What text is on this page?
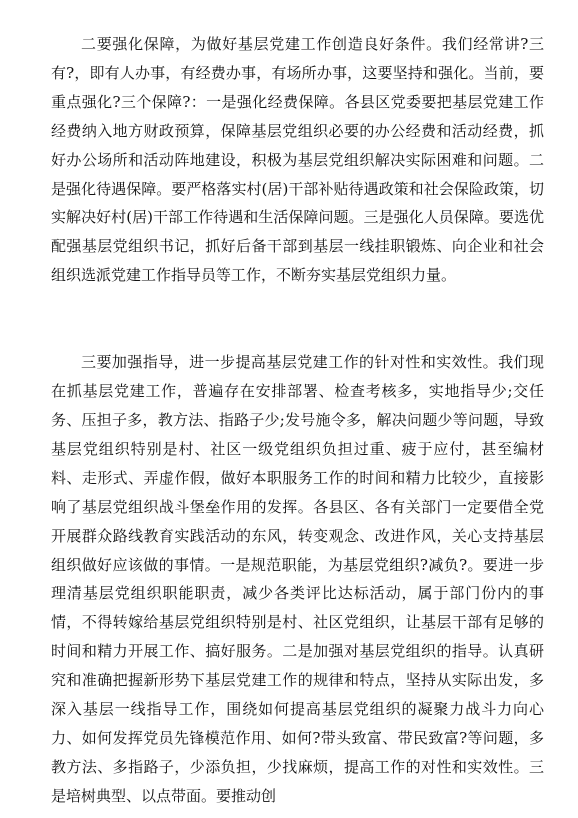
二要强化保障，为做好基层党建工作创造良好条件。我们经常讲?三有?，即有人办事，有经费办事，有场所办事，这要坚持和强化。当前，要重点强化?三个保障?：一是强化经费保障。各县区党委要把基层党建工作经费纳入地方财政预算，保障基层党组织必要的办公经费和活动经费，抓好办公场所和活动阵地建设，积极为基层党组织解决实际困难和问题。二是强化待遇保障。要严格落实村(居)干部补贴待遇政策和社会保险政策，切实解决好村(居)干部工作待遇和生活保障问题。三是强化人员保障。要选优配强基层党组织书记，抓好后备干部到基层一线挂职锻炼、向企业和社会组织选派党建工作指导员等工作，不断夯实基层党组织力量。

三要加强指导，进一步提高基层党建工作的针对性和实效性。我们现在抓基层党建工作，普遍存在安排部署、检查考核多，实地指导少;交任务、压担子多，教方法、指路子少;发号施令多，解决问题少等问题，导致基层党组织特别是村、社区一级党组织负担过重、疲于应付，甚至编材料、走形式、弄虚作假，做好本职服务工作的时间和精力比较少，直接影响了基层党组织战斗堡垒作用的发挥。各县区、各有关部门一定要借全党开展群众路线教育实践活动的东风，转变观念、改进作风，关心支持基层组织做好应该做的事情。一是规范职能，为基层党组织?减负?。要进一步理清基层党组织职能职责，减少各类评比达标活动，属于部门份内的事情，不得转嫁给基层党组织特别是村、社区党组织，让基层干部有足够的时间和精力开展工作、搞好服务。二是加强对基层党组织的指导。认真研究和准确把握新形势下基层党建工作的规律和特点，坚持从实际出发，多深入基层一线指导工作，围绕如何提高基层党组织的凝聚力战斗力向心力、如何发挥党员先锋模范作用、如何?带头致富、带民致富?等问题，多教方法、多指路子，少添负担，少找麻烦，提高工作的对性和实效性。三是培树典型、以点带面。要推动创
